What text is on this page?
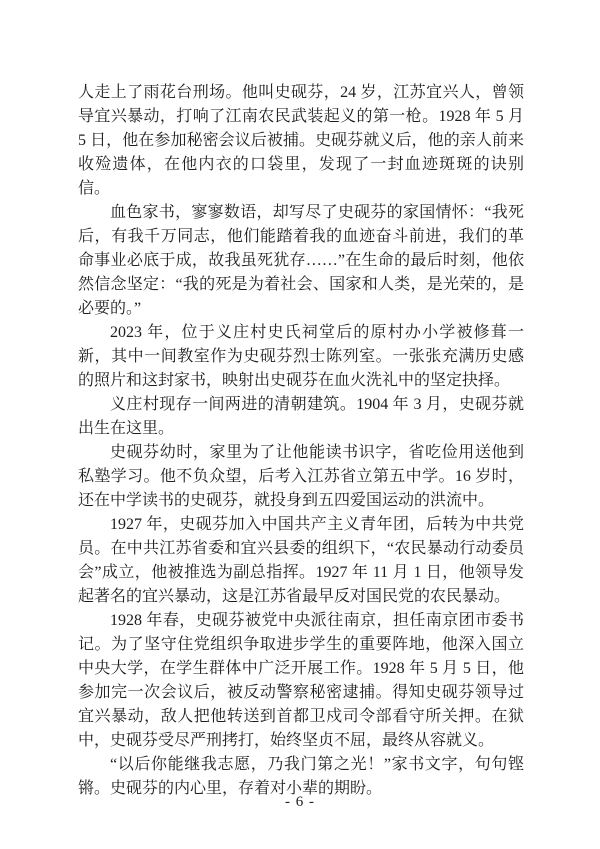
人走上了雨花台刑场。他叫史砚芬，24 岁，江苏宜兴人，曾领导宜兴暴动，打响了江南农民武装起义的第一枪。1928 年 5 月 5 日，他在参加秘密会议后被捕。史砚芬就义后，他的亲人前来收殓遗体，在他内衣的口袋里，发现了一封血迹斑斑的诀别信。

血色家书，寥寥数语，却写尽了史砚芬的家国情怀：“我死后，有我千万同志，他们能踏着我的血迹奋斗前进，我们的革命事业必底于成，故我虽死犹存……”在生命的最后时刻，他依然信念坚定：“我的死是为着社会、国家和人类，是光荣的，是必要的。”

2023 年，位于义庄村史氏祠堂后的原村办小学被修葺一新，其中一间教室作为史砚芬烈士陈列室。一张张充满历史感的照片和这封家书，映射出史砚芬在血火洗礼中的坚定抉择。

义庄村现存一间两进的清朝建筑。1904 年 3 月，史砚芬就出生在这里。

史砚芬幼时，家里为了让他能读书识字，省吃俭用送他到私塾学习。他不负众望，后考入江苏省立第五中学。16 岁时，还在中学读书的史砚芬，就投身到五四爱国运动的洪流中。

1927 年，史砚芬加入中国共产主义青年团，后转为中共党员。在中共江苏省委和宜兴县委的组织下，“农民暴动行动委员会”成立，他被推选为副总指挥。1927 年 11 月 1 日，他领导发起著名的宜兴暴动，这是江苏省最早反对国民党的农民暴动。

1928 年春，史砚芬被党中央派往南京，担任南京团市委书记。为了坚守住党组织争取进步学生的重要阵地，他深入国立中央大学，在学生群体中广泛开展工作。1928 年 5 月 5 日，他参加完一次会议后，被反动警察秘密逮捕。得知史砚芬领导过宜兴暴动，敌人把他转送到首都卫戍司令部看守所关押。在狱中，史砚芬受尽严刑拷打，始终坚贞不屈，最终从容就义。

“以后你能继我志愿，乃我门第之光！”家书文字，句句铿锵。史砚芬的内心里，存着对小辈的期盼。

- 6 -
